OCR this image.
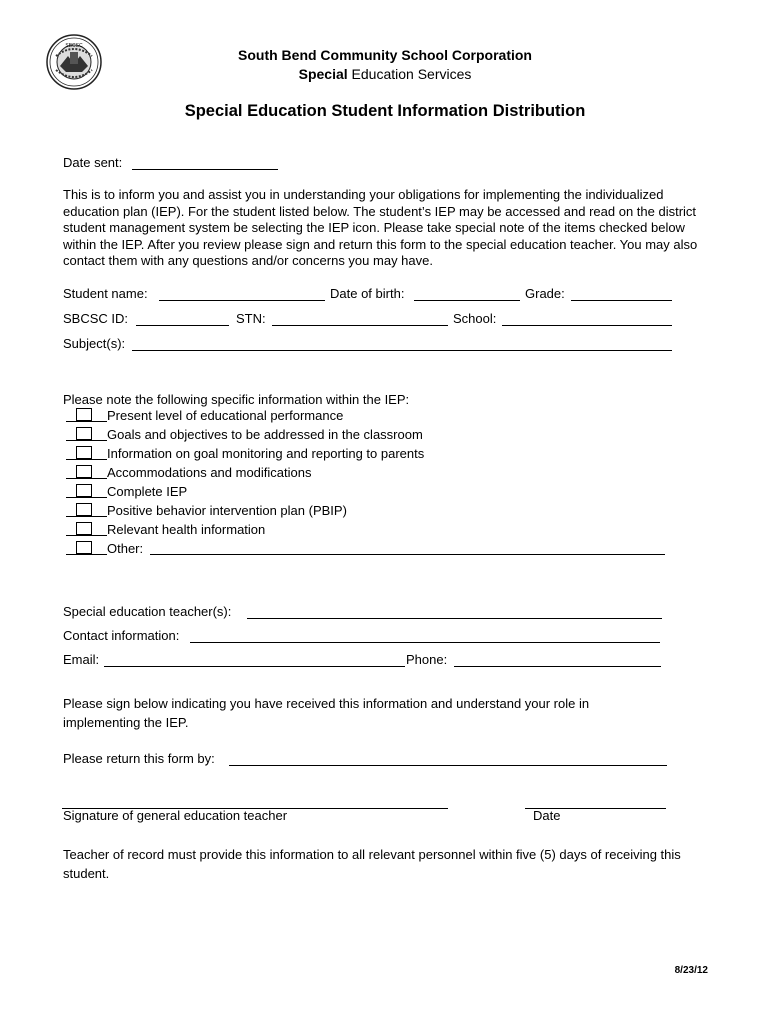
SBCSC
South Bend Community School Corporation
Special Education Services
Special Education Student Information Distribution
Date sent:
This is to inform you and assist you in understanding your obligations for implementing the individualized education plan (IEP). For the student listed below. The student’s IEP may be accessed and read on the district student management system be selecting the IEP icon. Please take special note of the items checked below within the IEP. After you review please sign and return this form to the special education teacher. You may also contact them with any questions and/or concerns you may have.
Student name:	Date of birth:	Grade:
SBCSC ID:	STN:	School:
Subject(s):
Please note the following specific information within the IEP:
Present level of educational performance
Goals and objectives to be addressed in the classroom
Information on goal monitoring and reporting to parents
Accommodations and modifications
Complete IEP
Positive behavior intervention plan (PBIP)
Relevant health information
Other:
Special education teacher(s):
Contact information:
Email:	Phone:
Please sign below indicating you have received this information and understand your role in implementing the IEP.
Please return this form by:
Signature of general education teacher	Date
Teacher of record must provide this information to all relevant personnel within five (5) days of receiving this student.
8/23/12
